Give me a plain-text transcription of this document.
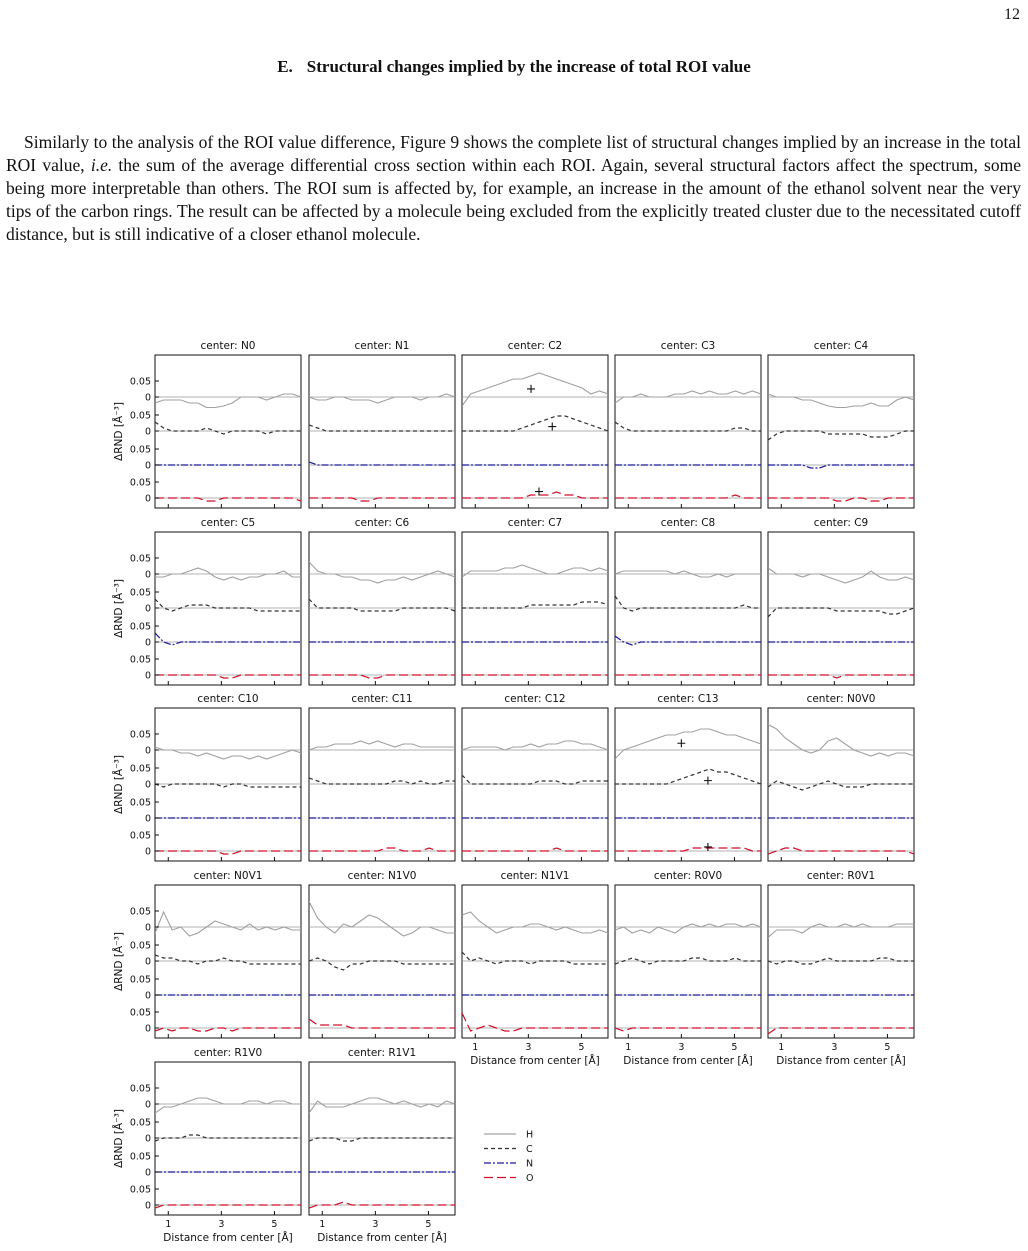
12
E. Structural changes implied by the increase of total ROI value

Similarly to the analysis of the ROI value difference, Figure 9 shows the complete list of structural changes implied by an increase in the total ROI value, i.e. the sum of the average differential cross section within each ROI. Again, several structural factors affect the spectrum, some being more interpretable than others. The ROI sum is affected by, for example, an increase in the amount of the ethanol solvent near the very tips of the carbon rings. The result can be affected by a molecule being excluded from the explicitly treated cluster due to the necessitated cutoff distance, but is still indicative of a closer ethanol molecule.

center: N0
0
0.05
0
0.05
0
0.05
0
0.05
ΔRND [Å⁻³]
center: N1	center: C2	center: C3	center: C4
center: C5
0
0.05
0
0.05
0
0.05
0
0.05
ΔRND [Å⁻³]
center: C6	center: C7	center: C8	center: C9
center: C10
0
0.05
0
0.05
0
0.05
0
0.05
ΔRND [Å⁻³]
center: C11	center: C12	center: C13	center: N0V0
center: N0V1
0
0.05
0
0.05
0
0.05
0
0.05
ΔRND [Å⁻³]
center: N1V0	center: N1V1
1	3	5
Distance from center [Å]
center: R0V0
1	3	5
Distance from center [Å]
center: R0V1
1	3	5
Distance from center [Å]
center: R1V0
0
0.05
0
0.05
0
0.05
0
0.05
ΔRND [Å⁻³]
1	3	5
Distance from center [Å]
center: R1V1
1	3	5
Distance from center [Å]
H
C
N
O
